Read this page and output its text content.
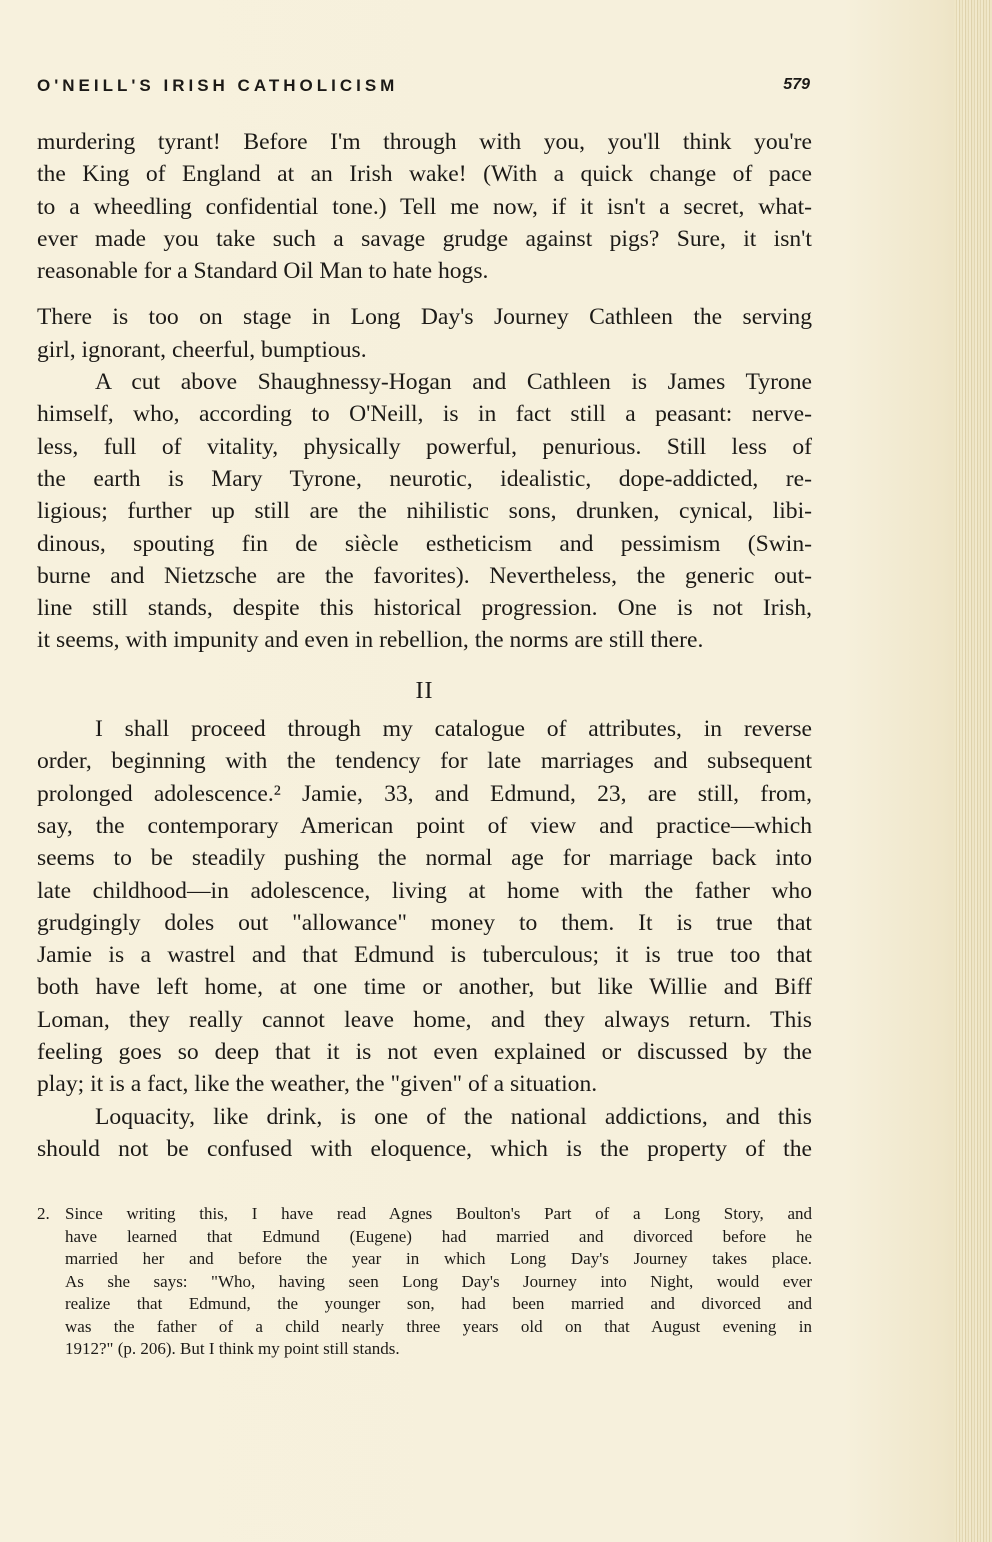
O'NEILL'S IRISH CATHOLICISM	579
murdering tyrant! Before I'm through with you, you'll think you're
the King of England at an Irish wake! (With a quick change of pace
to a wheedling confidential tone.) Tell me now, if it isn't a secret, what-
ever made you take such a savage grudge against pigs? Sure, it isn't
reasonable for a Standard Oil Man to hate hogs.
There is too on stage in Long Day's Journey Cathleen the serving
girl, ignorant, cheerful, bumptious.
A cut above Shaughnessy-Hogan and Cathleen is James Tyrone
himself, who, according to O'Neill, is in fact still a peasant: nerve-
less, full of vitality, physically powerful, penurious. Still less of
the earth is Mary Tyrone, neurotic, idealistic, dope-addicted, re-
ligious; further up still are the nihilistic sons, drunken, cynical, libi-
dinous, spouting fin de siècle estheticism and pessimism (Swin-
burne and Nietzsche are the favorites). Nevertheless, the generic out-
line still stands, despite this historical progression. One is not Irish,
it seems, with impunity and even in rebellion, the norms are still there.
II
I shall proceed through my catalogue of attributes, in reverse
order, beginning with the tendency for late marriages and subsequent
prolonged adolescence.² Jamie, 33, and Edmund, 23, are still, from,
say, the contemporary American point of view and practice—which
seems to be steadily pushing the normal age for marriage back into
late childhood—in adolescence, living at home with the father who
grudgingly doles out "allowance" money to them. It is true that
Jamie is a wastrel and that Edmund is tuberculous; it is true too that
both have left home, at one time or another, but like Willie and Biff
Loman, they really cannot leave home, and they always return. This
feeling goes so deep that it is not even explained or discussed by the
play; it is a fact, like the weather, the "given" of a situation.
Loquacity, like drink, is one of the national addictions, and this
should not be confused with eloquence, which is the property of the
2. Since writing this, I have read Agnes Boulton's Part of a Long Story, and
have learned that Edmund (Eugene) had married and divorced before he
married her and before the year in which Long Day's Journey takes place.
As she says: "Who, having seen Long Day's Journey into Night, would ever
realize that Edmund, the younger son, had been married and divorced and
was the father of a child nearly three years old on that August evening in
1912?" (p. 206). But I think my point still stands.
